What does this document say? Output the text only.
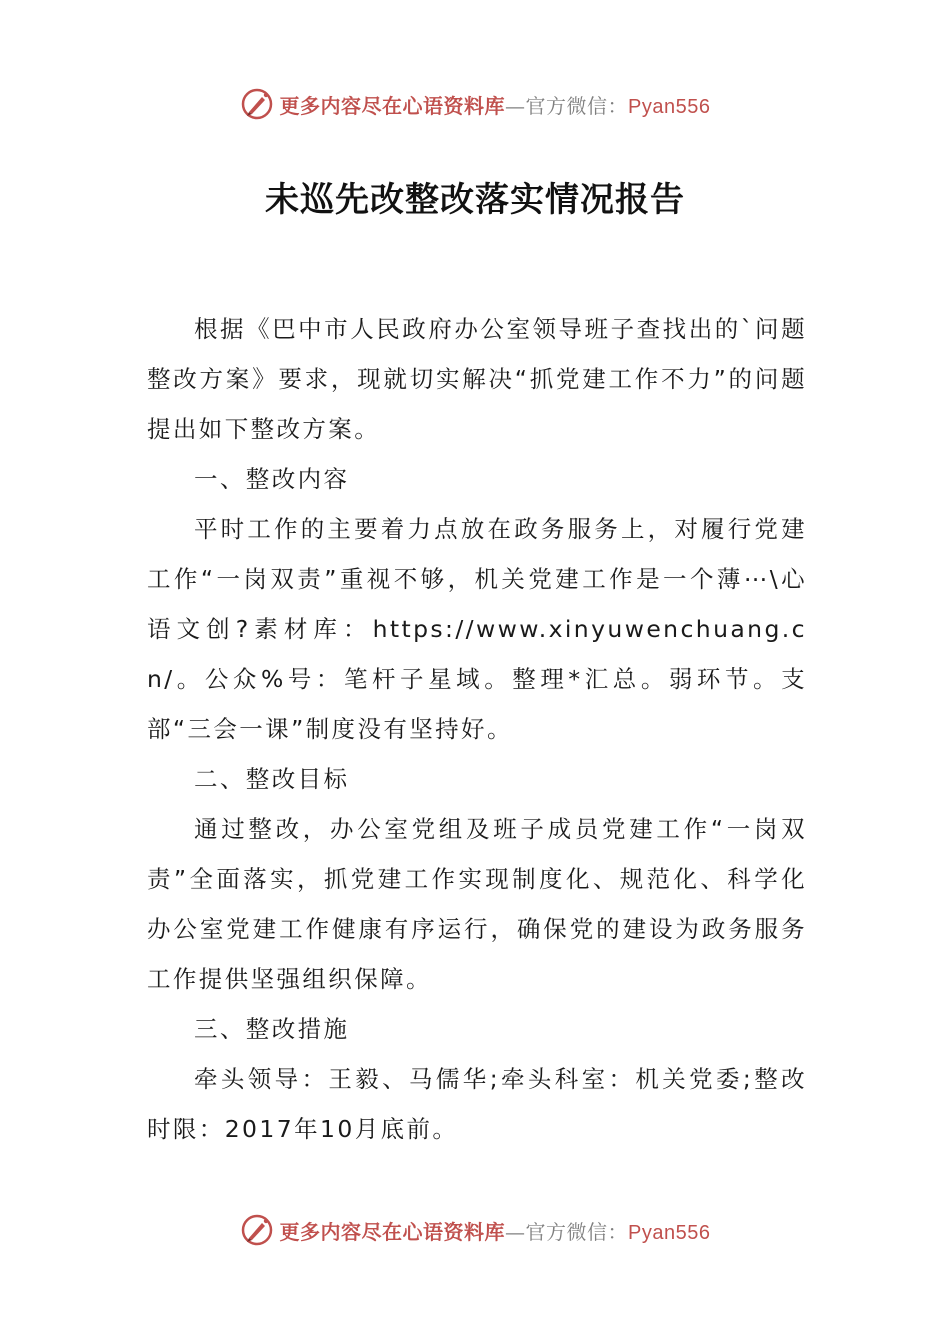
更多内容尽在心语资料库—官方微信：Pyan556
未巡先改整改落实情况报告

根据《巴中市人民政府办公室领导班子查找出的`问题整改方案》要求，现就切实解决“抓党建工作不力”的问题提出如下整改方案。

一、整改内容

平时工作的主要着力点放在政务服务上，对履行党建工作“一岗双责”重视不够，机关党建工作是一个薄⋯\心语文创?素材库：https://www.xinyuwenchuang.cn/。公众%号：笔杆子星域。整理*汇总。弱环节。支部“三会一课”制度没有坚持好。

二、整改目标

通过整改，办公室党组及班子成员党建工作“一岗双责”全面落实，抓党建工作实现制度化、规范化、科学化办公室党建工作健康有序运行，确保党的建设为政务服务工作提供坚强组织保障。

三、整改措施

牵头领导：王毅、马儒华;牵头科室：机关党委;整改时限：2017年10月底前。

更多内容尽在心语资料库—官方微信：Pyan556
